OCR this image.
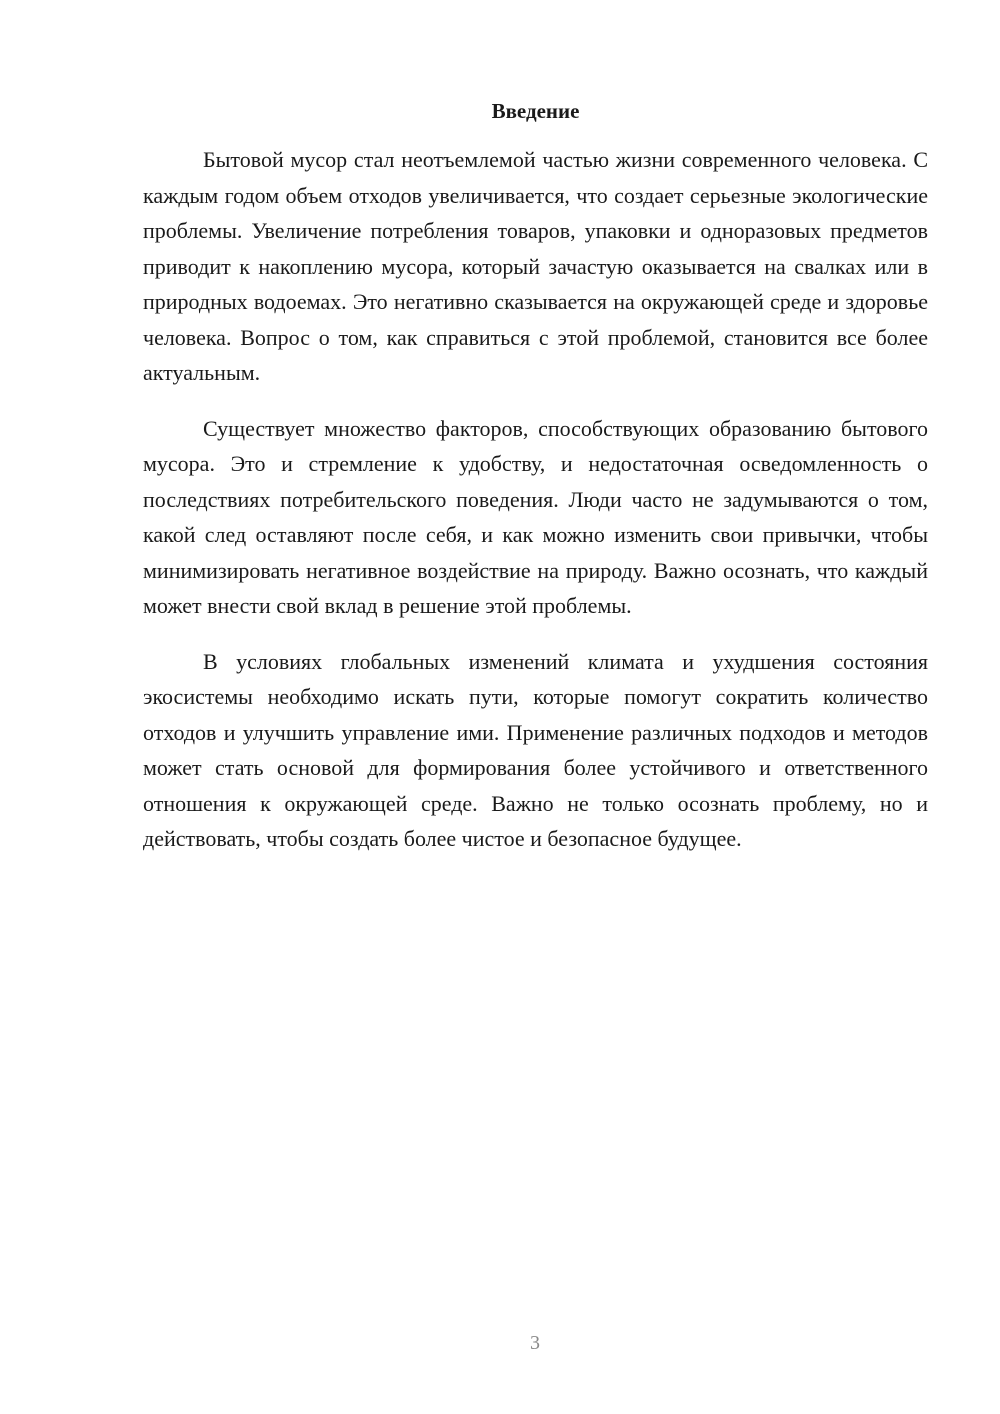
Введение

Бытовой мусор стал неотъемлемой частью жизни современного человека. С каждым годом объем отходов увеличивается, что создает серьезные экологические проблемы. Увеличение потребления товаров, упаковки и одноразовых предметов приводит к накоплению мусора, который зачастую оказывается на свалках или в природных водоемах. Это негативно сказывается на окружающей среде и здоровье человека. Вопрос о том, как справиться с этой проблемой, становится все более актуальным.

Существует множество факторов, способствующих образованию бытового мусора. Это и стремление к удобству, и недостаточная осведомленность о последствиях потребительского поведения. Люди часто не задумываются о том, какой след оставляют после себя, и как можно изменить свои привычки, чтобы минимизировать негативное воздействие на природу. Важно осознать, что каждый может внести свой вклад в решение этой проблемы.

В условиях глобальных изменений климата и ухудшения состояния экосистемы необходимо искать пути, которые помогут сократить количество отходов и улучшить управление ими. Применение различных подходов и методов может стать основой для формирования более устойчивого и ответственного отношения к окружающей среде. Важно не только осознать проблему, но и действовать, чтобы создать более чистое и безопасное будущее.

3
